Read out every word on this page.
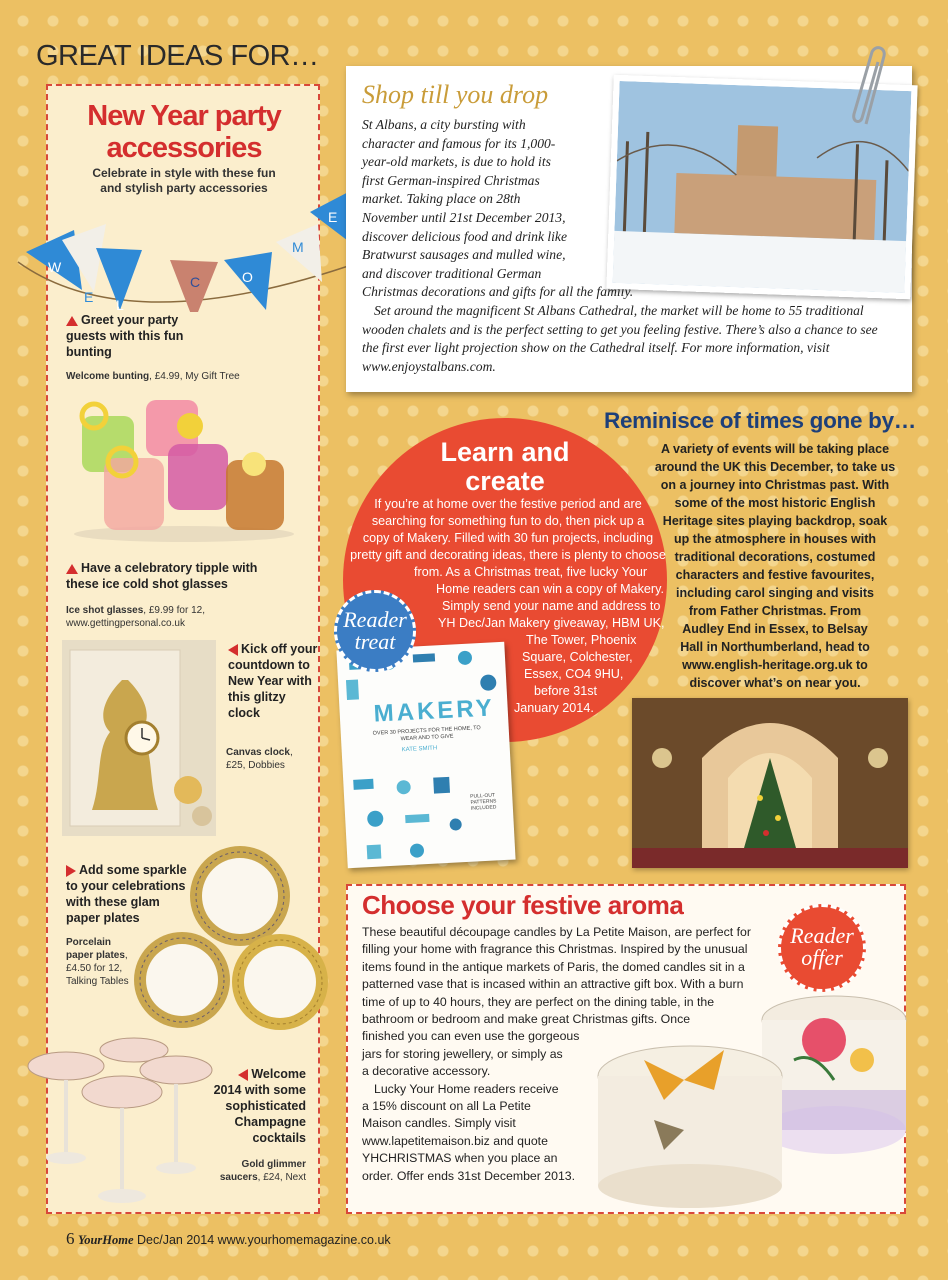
GREAT IDEAS FOR…
W
E L
C	O
M
E
New Year party accessories
Celebrate in style with these fun and stylish party accessories
Greet your party guests with this fun bunting
Welcome bunting, £4.99, My Gift Tree
Have a celebratory tipple with these ice cold shot glasses
Ice shot glasses, £9.99 for 12, www.gettingpersonal.co.uk
Kick off your countdown to New Year with this glitzy clock
Canvas clock, £25, Dobbies
Add some sparkle to your celebrations with these glam paper plates
Porcelain paper plates, £4.50 for 12, Talking Tables
Welcome 2014 with some sophisticated Champagne cocktails
Gold glimmer saucers, £24, Next
Shop till you drop
St Albans, a city bursting with
character and famous for its 1,000-
year-old markets, is due to hold its
first German-inspired Christmas
market. Taking place on 28th
November until 21st December 2013,
discover delicious food and drink like
Bratwurst sausages and mulled wine,
and discover traditional German
Christmas decorations and gifts for all the family.
Set around the magnificent St Albans Cathedral, the market will be home to 55 traditional wooden chalets and is the perfect setting to get you feeling festive. There’s also a chance to see the first ever light projection show on the Cathedral itself. For more information, visit www.enjoystalbans.com.
Learn and create
If you’re at home over the festive period and are
searching for something fun to do, then pick up a
copy of Makery. Filled with 30 fun projects, including
pretty gift and decorating ideas, there is plenty to choose
from. As a Christmas treat, five lucky Your
Home readers can win a copy of Makery.
Simply send your name and address to
YH Dec/Jan Makery giveaway, HBM UK,
The Tower, Phoenix
Square, Colchester,
Essex, CO4 9HU,
before 31st
January 2014.
MAKERY
OVER 30 PROJECTS FOR THE HOME, TO WEAR AND TO GIVE
KATE SMITH
PULL-OUT PATTERNS INCLUDED
Reader
treat
Reminisce of times gone by…
A variety of events will be taking place
around the UK this December, to take us
on a journey into Christmas past. With
some of the most historic English
Heritage sites playing backdrop, soak
up the atmosphere in houses with
traditional decorations, costumed
characters and festive favourites,
including carol singing and visits
from Father Christmas. From
Audley End in Essex, to Belsay
Hall in Northumberland, head to
www.english-heritage.org.uk to
discover what’s on near you.
Choose your festive aroma
These beautiful découpage candles by La Petite Maison, are perfect for
filling your home with fragrance this Christmas. Inspired by the unusual
items found in the antique markets of Paris, the domed candles sit in a
patterned vase that is incased within an attractive gift box. With a burn
time of up to 40 hours, they are perfect on the dining table, in the
bathroom or bedroom and make great Christmas gifts. Once
finished you can even use the gorgeous
jars for storing jewellery, or simply as
a decorative accessory.
Lucky Your Home readers receive
a 15% discount on all La Petite
Maison candles. Simply visit
www.lapetitemaison.biz and quote
YHCHRISTMAS when you place an
order. Offer ends 31st December 2013.
Reader
offer
6 YourHome Dec/Jan 2014 www.yourhomemagazine.co.uk
